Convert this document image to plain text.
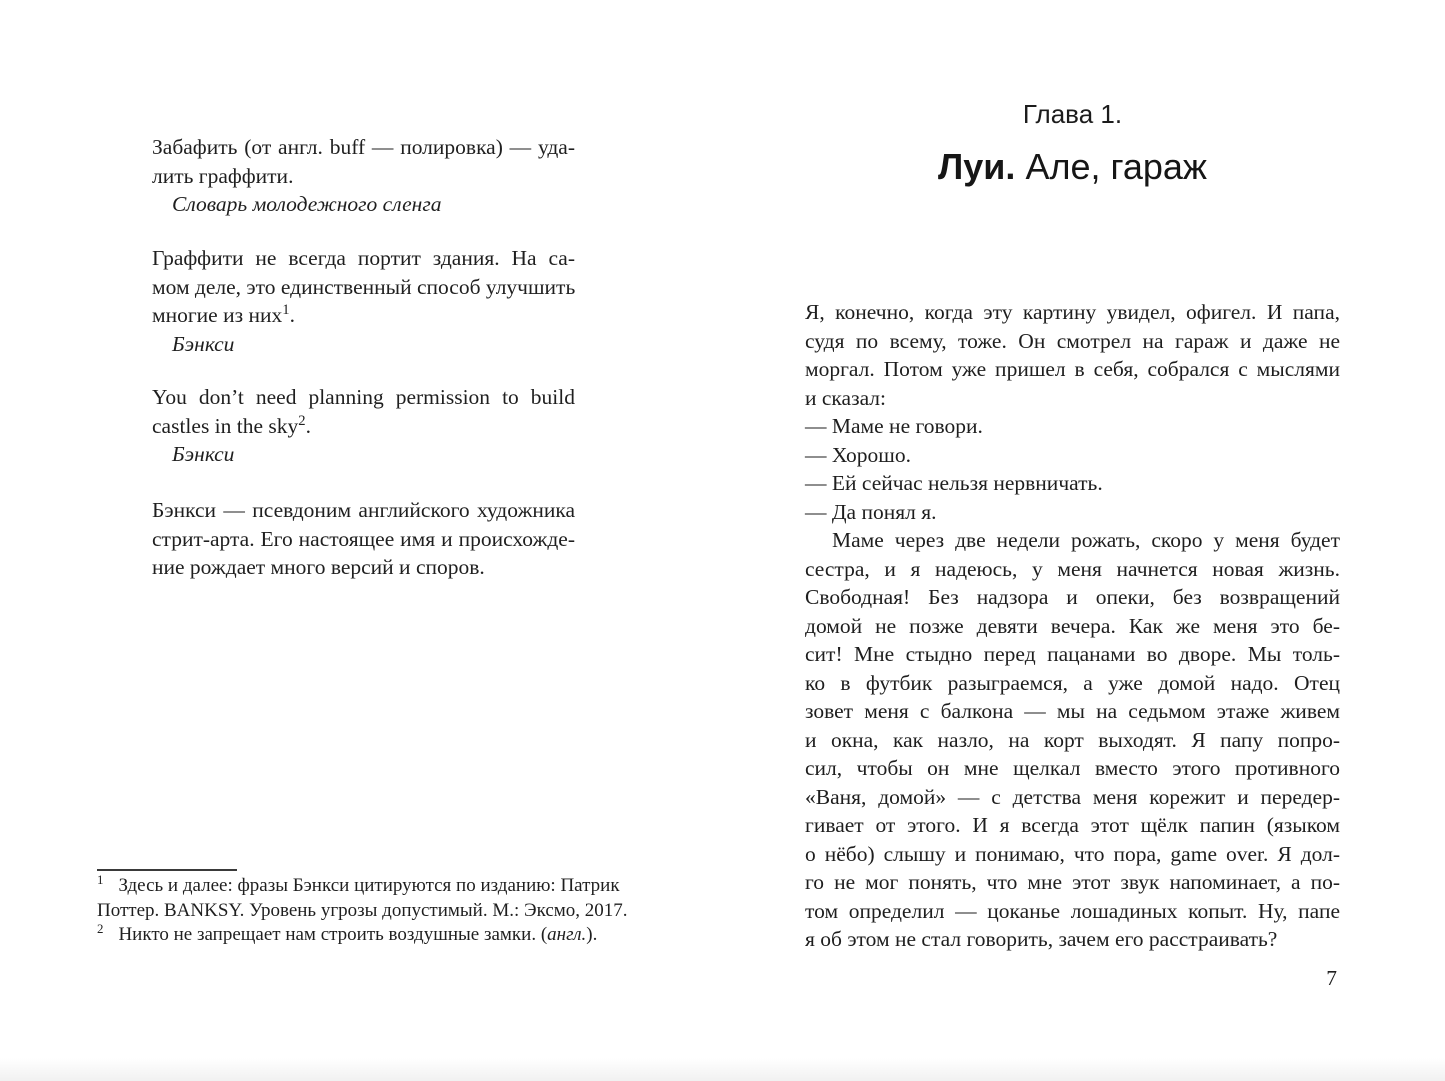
Забафить (от англ. buff — полировка) — уда-
лить граффити.
Словарь молодежного сленга
Граффити не всегда портит здания. На са-
мом деле, это единственный способ улучшить
многие из них$^1$.
Бэнкси
You don’t need planning permission to build
castles in the sky$^2$.
Бэнкси
Бэнкси — псевдоним английского художника
стрит-арта. Его настоящее имя и происхожде-
ние рождает много версий и споров.
$^1$ Здесь и далее: фразы Бэнкси цитируются по изданию: Патрик
Поттер. BANKSY. Уровень угрозы допустимый. М.: Эксмо, 2017.
$^2$ Никто не запрещает нам строить воздушные замки. (англ.).
Глава 1.
Луи. Але, гараж
Я, конечно, когда эту картину увидел, офигел. И папа,
судя по всему, тоже. Он смотрел на гараж и даже не
моргал. Потом уже пришел в себя, собрался с мыслями
и сказал:
— Маме не говори.
— Хорошо.
— Ей сейчас нельзя нервничать.
— Да понял я.
Маме через две недели рожать, скоро у меня будет
сестра, и я надеюсь, у меня начнется новая жизнь.
Свободная! Без надзора и опеки, без возвращений
домой не позже девяти вечера. Как же меня это бе-
сит! Мне стыдно перед пацанами во дворе. Мы толь-
ко в футбик разыграемся, а уже домой надо. Отец
зовет меня с балкона — мы на седьмом этаже живем
и окна, как назло, на корт выходят. Я папу попро-
сил, чтобы он мне щелкал вместо этого противного
«Ваня, домой» — с детства меня корежит и передер-
гивает от этого. И я всегда этот щёлк папин (языком
о нёбо) слышу и понимаю, что пора, game over. Я дол-
го не мог понять, что мне этот звук напоминает, а по-
том определил — цоканье лошадиных копыт. Ну, папе
я об этом не стал говорить, зачем его расстраивать?
7
